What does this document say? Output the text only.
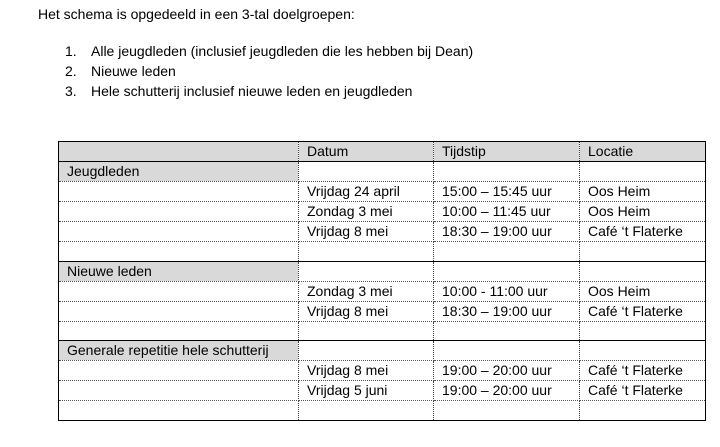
Het schema is opgedeeld in een 3-tal doelgroepen:
1. Alle jeugdleden (inclusief jeugdleden die les hebben bij Dean)
2. Nieuwe leden
3. Hele schutterij inclusief nieuwe leden en jeugdleden
	Datum	Tijdstip	Locatie
Jeugdleden			
	Vrijdag 24 april	15:00 – 15:45 uur	Oos Heim
	Zondag 3 mei	10:00 – 11:45 uur	Oos Heim
	Vrijdag 8 mei	18:30 – 19:00 uur	Café ‘t Flaterke

Nieuwe leden			
	Zondag 3 mei	10:00 - 11:00 uur	Oos Heim
	Vrijdag 8 mei	18:30 – 19:00 uur	Café ‘t Flaterke

Generale repetitie hele schutterij			
	Vrijdag 8 mei	19:00 – 20:00 uur	Café ‘t Flaterke
	Vrijdag 5 juni	19:00 – 20:00 uur	Café ‘t Flaterke
